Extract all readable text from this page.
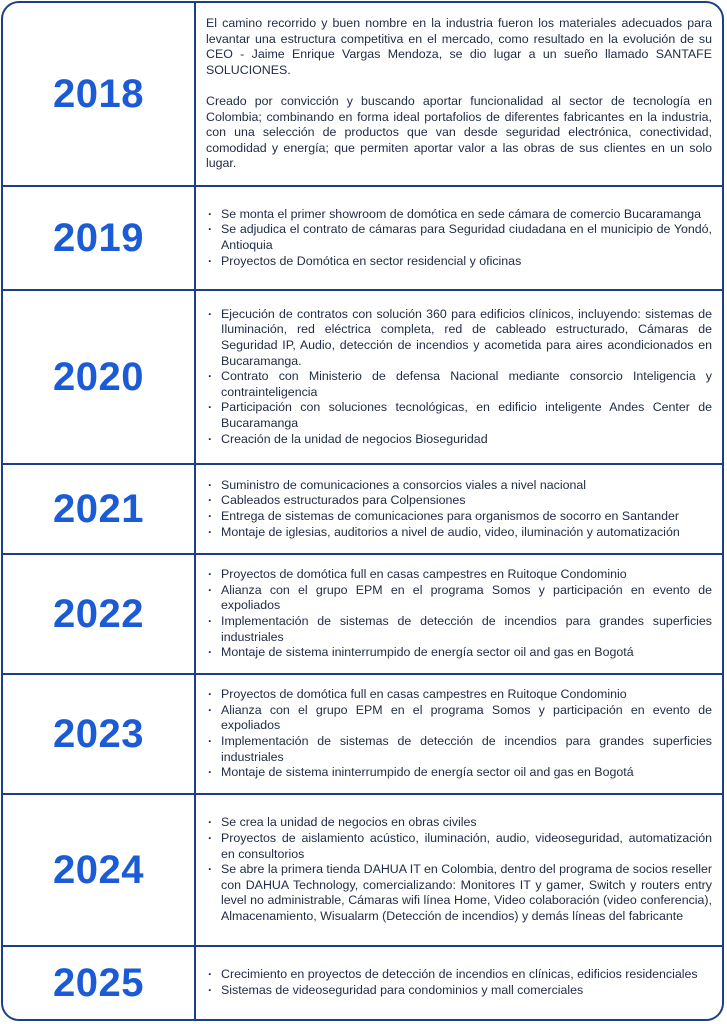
2018

El camino recorrido y buen nombre en la industria fueron los materiales adecuados para levantar una estructura competitiva en el mercado, como resultado en la evolución de su CEO - Jaime Enrique Vargas Mendoza, se dio lugar a un sueño llamado SANTAFE SOLUCIONES.

Creado por convicción y buscando aportar funcionalidad al sector de tecnología en Colombia; combinando en forma ideal portafolios de diferentes fabricantes en la industria, con una selección de productos que van desde seguridad electrónica, conectividad, comodidad y energía; que permiten aportar valor a las obras de sus clientes en un solo lugar.

2019
· Se monta el primer showroom de domótica en sede cámara de comercio Bucaramanga
· Se adjudica el contrato de cámaras para Seguridad ciudadana en el municipio de Yondó, Antioquia
· Proyectos de Domótica en sector residencial y oficinas
2020
· Ejecución de contratos con solución 360 para edificios clínicos, incluyendo: sistemas de Iluminación, red eléctrica completa, red de cableado estructurado, Cámaras de Seguridad IP, Audio, detección de incendios y acometida para aires acondicionados en Bucaramanga.
· Contrato con Ministerio de defensa Nacional mediante consorcio Inteligencia y contrainteligencia
· Participación con soluciones tecnológicas, en edificio inteligente Andes Center de Bucaramanga
· Creación de la unidad de negocios Bioseguridad
2021
· Suministro de comunicaciones a consorcios viales a nivel nacional
· Cableados estructurados para Colpensiones
· Entrega de sistemas de comunicaciones para organismos de socorro en Santander
· Montaje de iglesias, auditorios a nivel de audio, video, iluminación y automatización
2022
· Proyectos de domótica full en casas campestres en Ruitoque Condominio
· Alianza con el grupo EPM en el programa Somos y participación en evento de expoliados
· Implementación de sistemas de detección de incendios para grandes superficies industriales
· Montaje de sistema ininterrumpido de energía sector oil and gas en Bogotá
2023
· Proyectos de domótica full en casas campestres en Ruitoque Condominio
· Alianza con el grupo EPM en el programa Somos y participación en evento de expoliados
· Implementación de sistemas de detección de incendios para grandes superficies industriales
· Montaje de sistema ininterrumpido de energía sector oil and gas en Bogotá
2024
· Se crea la unidad de negocios en obras civiles
· Proyectos de aislamiento acústico, iluminación, audio, videoseguridad, automatización en consultorios
· Se abre la primera tienda DAHUA IT en Colombia, dentro del programa de socios reseller con DAHUA Technology, comercializando: Monitores IT y gamer, Switch y routers entry level no administrable, Cámaras wifi línea Home, Video colaboración (video conferencia), Almacenamiento, Wisualarm (Detección de incendios) y demás líneas del fabricante
2025
·	Crecimiento en proyectos de detección de incendios en clínicas, edificios residenciales
· Sistemas de videoseguridad para condominios y mall comerciales
